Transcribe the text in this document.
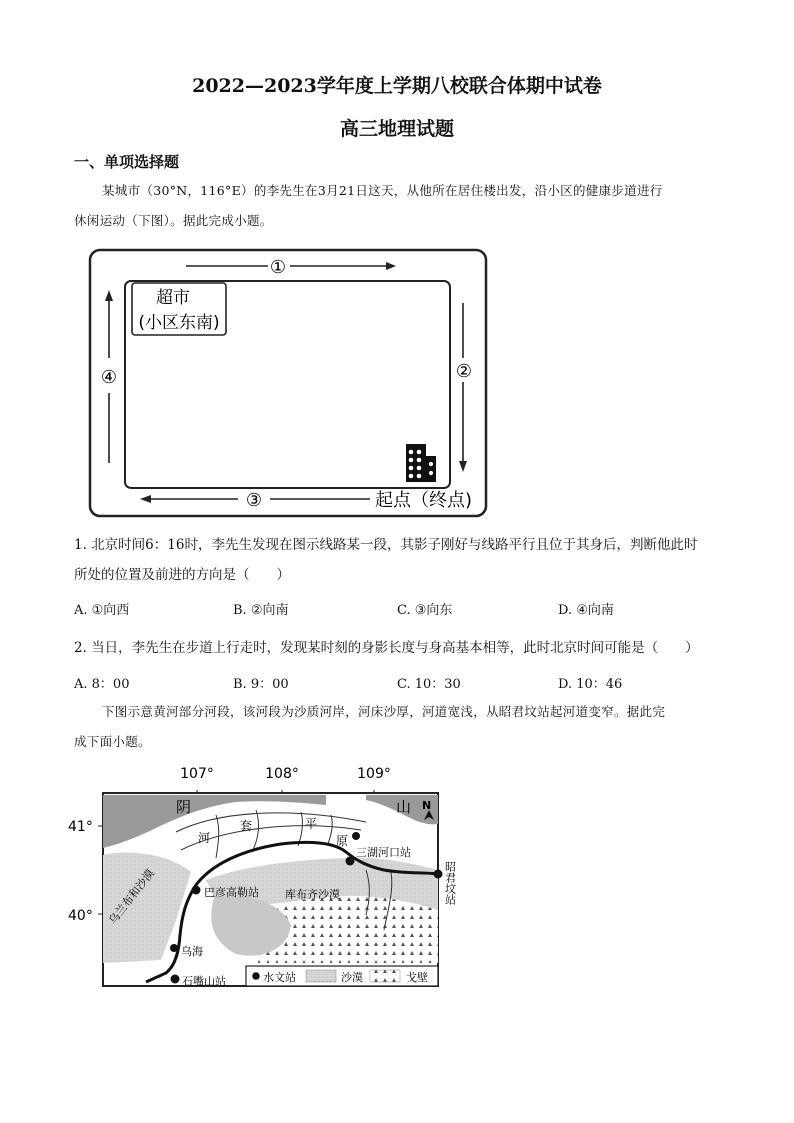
2022—2023学年度上学期八校联合体期中试卷
高三地理试题
一、单项选择题
某城市（30°N，116°E）的李先生在3月21日这天，从他所在居住楼出发，沿小区的健康步道进行
休闲运动（下图）。据此完成小题。
①
②
③
④
超市
(小区东南)
起点（终点)
1. 北京时间6：16时，李先生发现在图示线路某一段，其影子刚好与线路平行且位于其身后，判断他此时
所处的位置及前进的方向是（　　）
A. ①向西	B. ②向南	C. ③向东	D. ④向南
2. 当日，李先生在步道上行走时，发现某时刻的身影长度与身高基本相等，此时北京时间可能是（　　）
A. 8：00	B. 9：00	C. 10：30	D. 10：46
下图示意黄河部分河段，该河段为沙质河岸，河床沙厚，河道宽浅，从昭君坟站起河道变窄。据此完
成下面小题。
107°	108°	109°
41°
40°
N
阴	山
河
套	平
原
三湖河口站
巴彦高勒站 库布齐沙漠
乌兰布和沙漠
乌海
石嘴山站
昭君坟站
水文站	沙漠	戈壁
